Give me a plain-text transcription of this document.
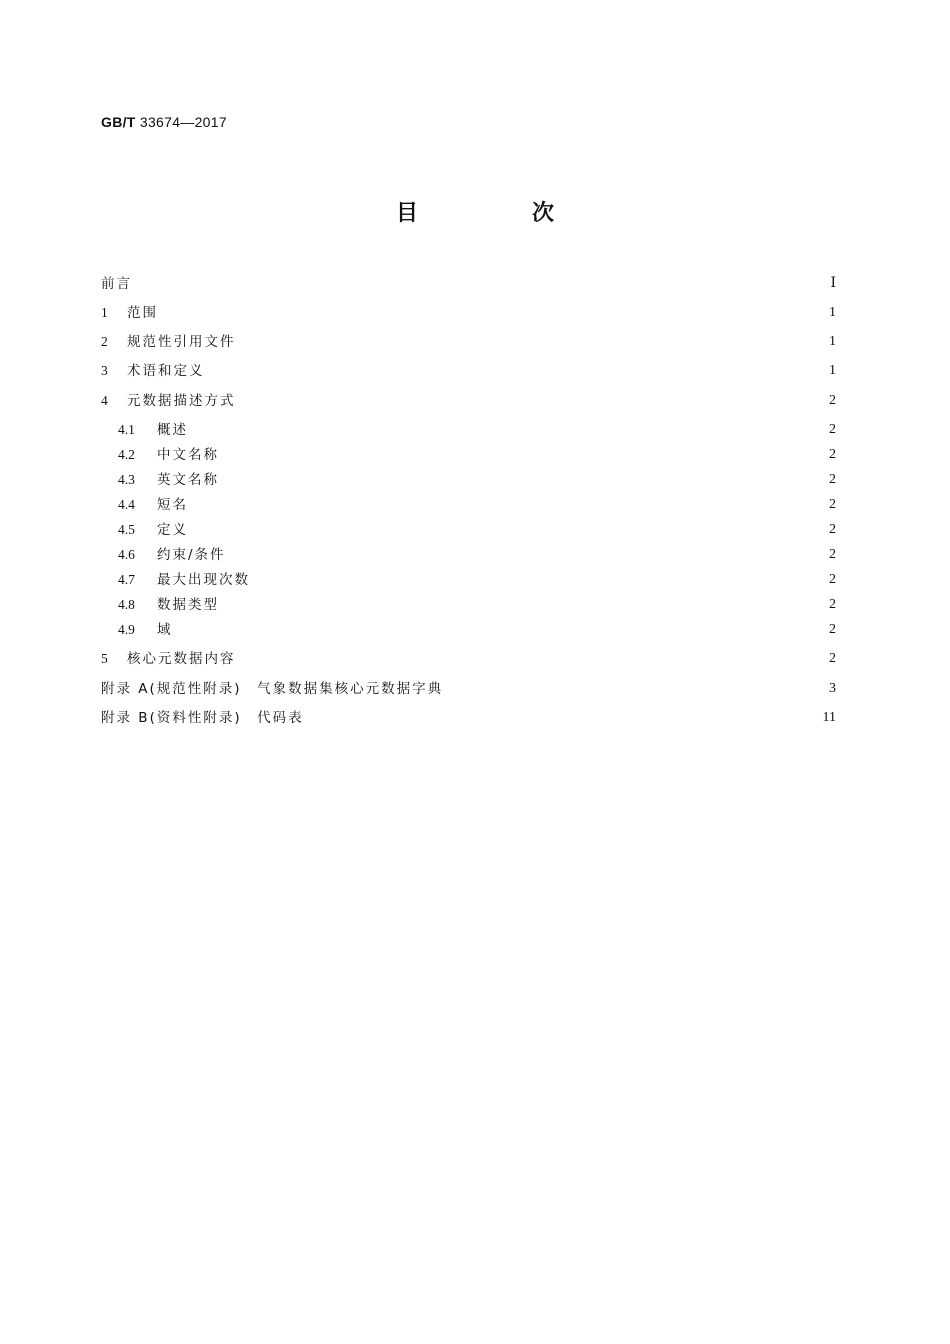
GB/T 33674—2017
目　次
前言	Ⅰ
1	范围	1
2	规范性引用文件	1
3	术语和定义	1
4	元数据描述方式	2
4.1	概述	2
4.2	中文名称	2
4.3	英文名称	2
4.4	短名	2
4.5	定义	2
4.6	约束/条件	2
4.7	最大出现次数	2
4.8	数据类型	2
4.9	域	2
5	核心元数据内容	2
附录 A (规范性附录)　气象数据集核心元数据字典	3
附录 B (资料性附录)　代码表	11
